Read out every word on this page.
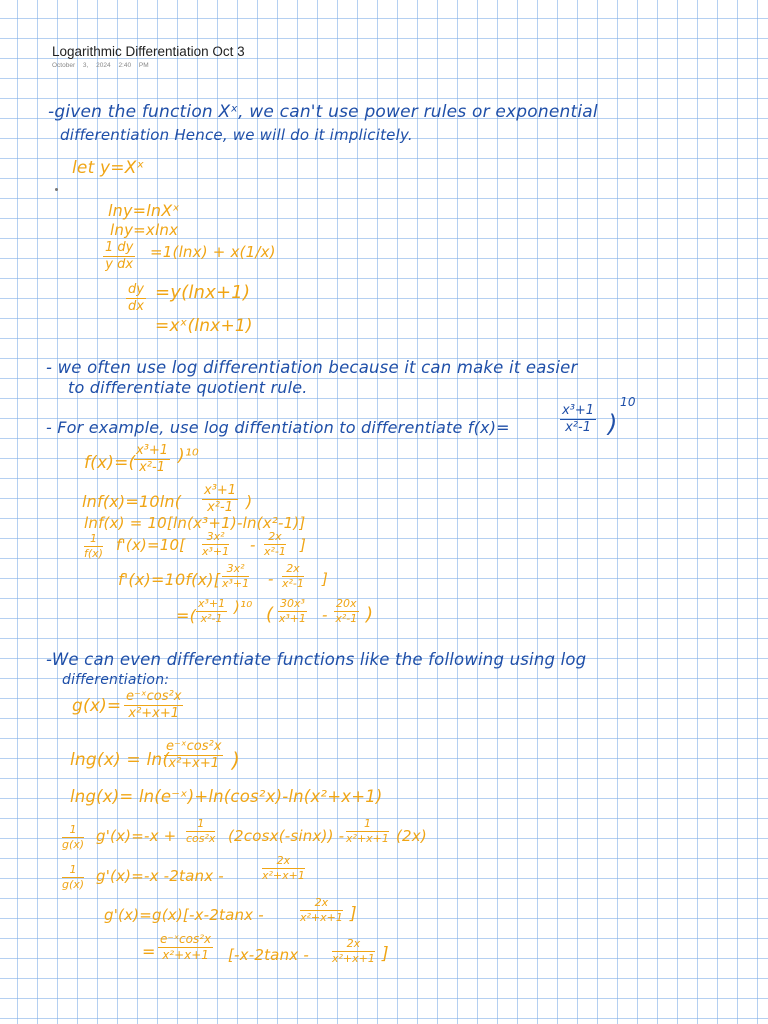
Logarithmic Differentiation Oct 3
October 3, 2024 2:40 PM
-given the function Xˣ, we can't use power rules or exponential
differentiation Hence, we will do it implicitely.
let y=Xˣ
lny=lnXˣ
lny=xlnx
$\frac{1 dy}{\text{y dx}} =1(\ln x) + x(1/x)$
$\frac{dy}{dx} =y(\ln x+1)$
=xˣ(lnx+1)
- we often use log differentiation because it can make it easier
to differentiate quotient rule.
- For example, use log diffentiation to differentiate f(x)=	$\frac{\text{x³+1}}{\text{x²-1}}$ )
10
f(x)=(
$\frac{\text{x³+1}}{\text{x²-1}} )^{10}$
$\ln f(x)=10\ln( \frac{\text{x³+1}}{\text{x²-1}}$ )
lnf(x) = 10[ln(x³+1)-ln(x²-1)]
$\frac{1}{f(x)} f'(x)=10[ \frac{\text{3x²}}{\text{x³+1}} - \frac{2x}{\text{x²-1}}$ ]
$f'(x)=10f(x)[ \frac{\text{3x²}}{\text{x³+1}} - \frac{2x}{\text{x²-1}}$ ]
=( $\frac{\text{x³+1}}{\text{x²-1}} )^{10}$ ( $\frac{\text{30x³}}{\text{x³+1}} - \frac{20x}{\text{x²-1}}$ )
-We can even differentiate functions like the following using log
differentiation:
$g(x)= \frac{\text{e⁻ˣcos²x}}{\text{x²+x+1}}$
lng(x) = ln(
$\frac{\text{e⁻ˣcos²x}}{\text{x²+x+1}}$ )
lng(x)= ln(e⁻ˣ)+ln(cos²x)-ln(x²+x+1)
$\frac{1}{g(x)} g'(x)=-x + \frac{1}{\text{cos²x}} (2\cos x(-\sin x)) - \frac{1}{\text{x²+x+1}} (2x)$
$\frac{1}{g(x)} g'(x)=-x$ -2tanx -	$\frac{2x}{\text{x²+x+1}}$
g'(x)=g(x)[-x-2tanx -	$\frac{2x}{\text{x²+x+1}}$ ]
= $\frac{\text{e⁻ˣcos²x}}{\text{x²+x+1}} [-x-2\tan x - \frac{2x}{\text{x²+x+1}}$ ]
